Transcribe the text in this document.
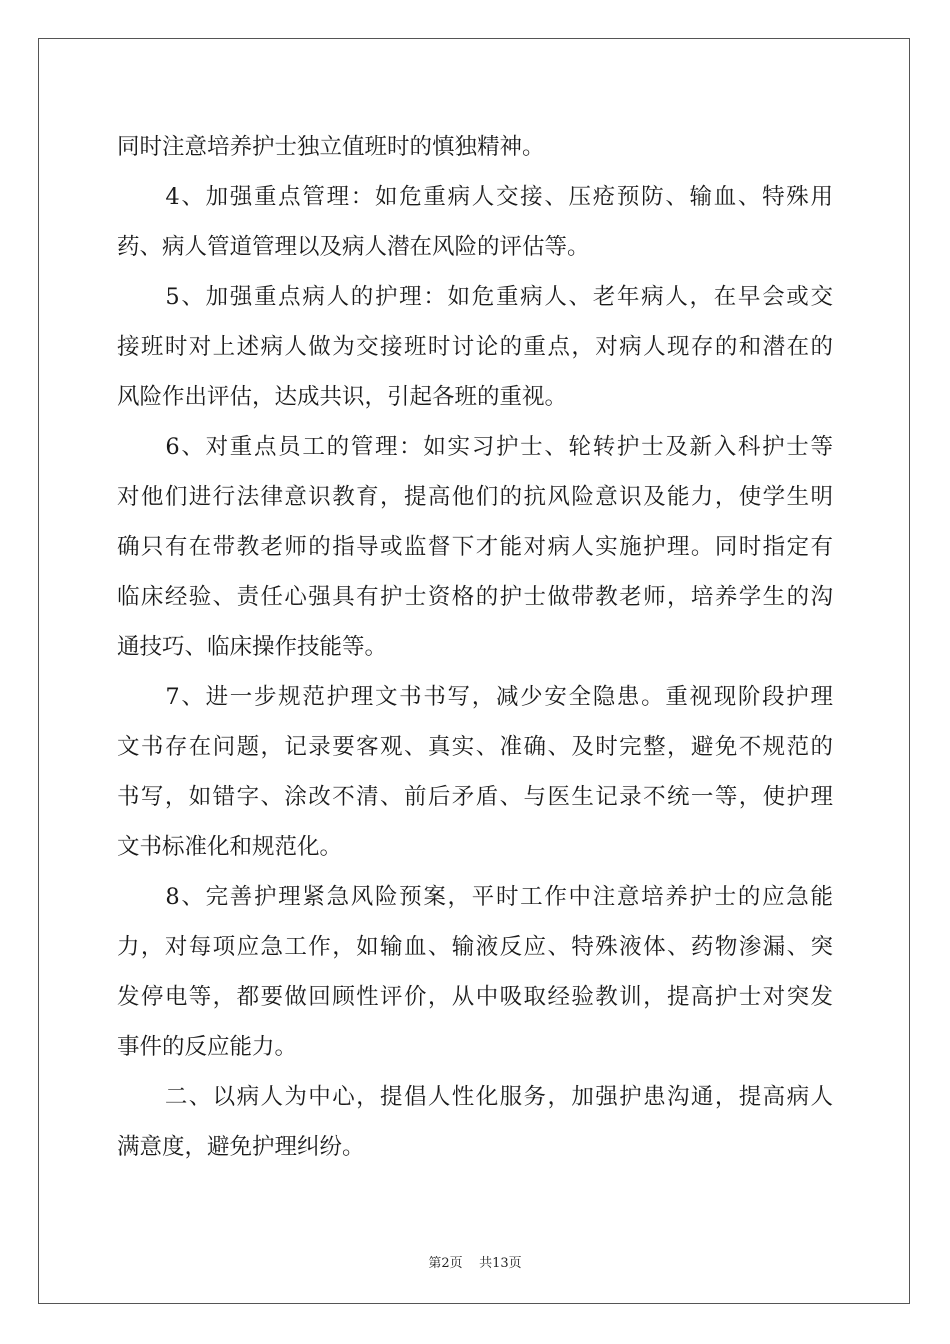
同时注意培养护士独立值班时的慎独精神。
　　4、加强重点管理：如危重病人交接、压疮预防、输血、特殊用
药、病人管道管理以及病人潜在风险的评估等。
　　5、加强重点病人的护理：如危重病人、老年病人，在早会或交
接班时对上述病人做为交接班时讨论的重点，对病人现存的和潜在的
风险作出评估，达成共识，引起各班的重视。
　　6、对重点员工的管理：如实习护士、轮转护士及新入科护士等
对他们进行法律意识教育，提高他们的抗风险意识及能力，使学生明
确只有在带教老师的指导或监督下才能对病人实施护理。同时指定有
临床经验、责任心强具有护士资格的护士做带教老师，培养学生的沟
通技巧、临床操作技能等。
　　7、进一步规范护理文书书写，减少安全隐患。重视现阶段护理
文书存在问题，记录要客观、真实、准确、及时完整，避免不规范的
书写，如错字、涂改不清、前后矛盾、与医生记录不统一等，使护理
文书标准化和规范化。
　　8、完善护理紧急风险预案，平时工作中注意培养护士的应急能
力，对每项应急工作，如输血、输液反应、特殊液体、药物渗漏、突
发停电等，都要做回顾性评价，从中吸取经验教训，提高护士对突发
事件的反应能力。
　　二、以病人为中心，提倡人性化服务，加强护患沟通，提高病人
满意度，避免护理纠纷。
第2页 共13页
